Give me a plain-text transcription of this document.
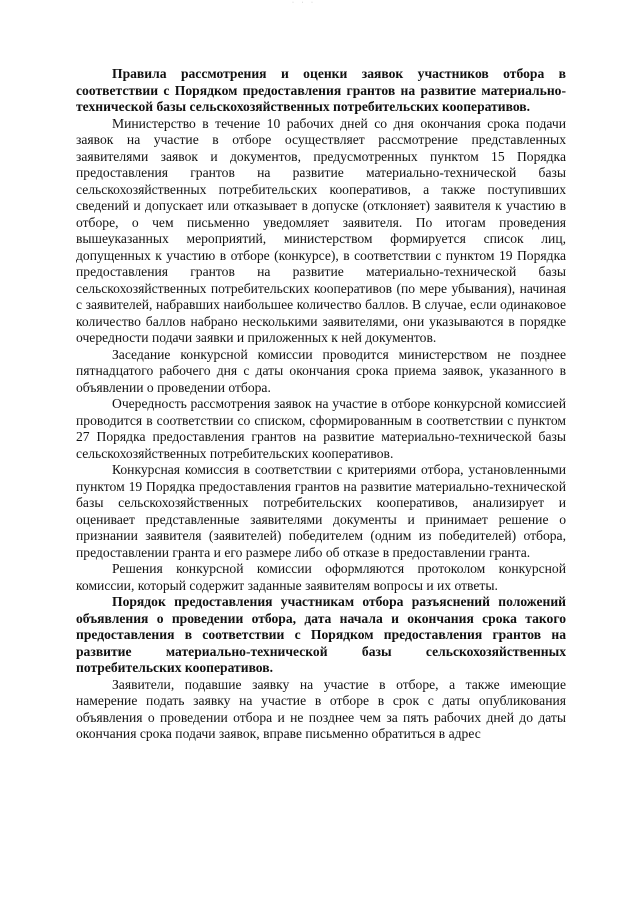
· · ·

Правила рассмотрения и оценки заявок участников отбора в соответствии с Порядком предоставления грантов на развитие материально-технической базы сельскохозяйственных потребительских кооперативов.

Министерство в течение 10 рабочих дней со дня окончания срока подачи заявок на участие в отборе осуществляет рассмотрение представленных заявителями заявок и документов, предусмотренных пунктом 15 Порядка предоставления грантов на развитие материально-технической базы сельскохозяйственных потребительских кооперативов, а также поступивших сведений и допускает или отказывает в допуске (отклоняет) заявителя к участию в отборе, о чем письменно уведомляет заявителя. По итогам проведения вышеуказанных мероприятий, министерством формируется список лиц, допущенных к участию в отборе (конкурсе), в соответствии с пунктом 19 Порядка предоставления грантов на развитие материально-технической базы сельскохозяйственных потребительских кооперативов (по мере убывания), начиная с заявителей, набравших наибольшее количество баллов. В случае, если одинаковое количество баллов набрано несколькими заявителями, они указываются в порядке очередности подачи заявки и приложенных к ней документов.

Заседание конкурсной комиссии проводится министерством не позднее пятнадцатого рабочего дня с даты окончания срока приема заявок, указанного в объявлении о проведении отбора.

Очередность рассмотрения заявок на участие в отборе конкурсной комиссией проводится в соответствии со списком, сформированным в соответствии с пунктом 27 Порядка предоставления грантов на развитие материально-технической базы сельскохозяйственных потребительских кооперативов.

Конкурсная комиссия в соответствии с критериями отбора, установленными пунктом 19 Порядка предоставления грантов на развитие материально-технической базы сельскохозяйственных потребительских кооперативов, анализирует и оценивает представленные заявителями документы и принимает решение о признании заявителя (заявителей) победителем (одним из победителей) отбора, предоставлении гранта и его размере либо об отказе в предоставлении гранта.

Решения конкурсной комиссии оформляются протоколом конкурсной комиссии, который содержит заданные заявителям вопросы и их ответы.

Порядок предоставления участникам отбора разъяснений положений объявления о проведении отбора, дата начала и окончания срока такого предоставления в соответствии с Порядком предоставления грантов на развитие материально-технической базы сельскохозяйственных потребительских кооперативов.

Заявители, подавшие заявку на участие в отборе, а также имеющие намерение подать заявку на участие в отборе в срок с даты опубликования объявления о проведении отбора и не позднее чем за пять рабочих дней до даты окончания срока подачи заявок, вправе письменно обратиться в адрес
